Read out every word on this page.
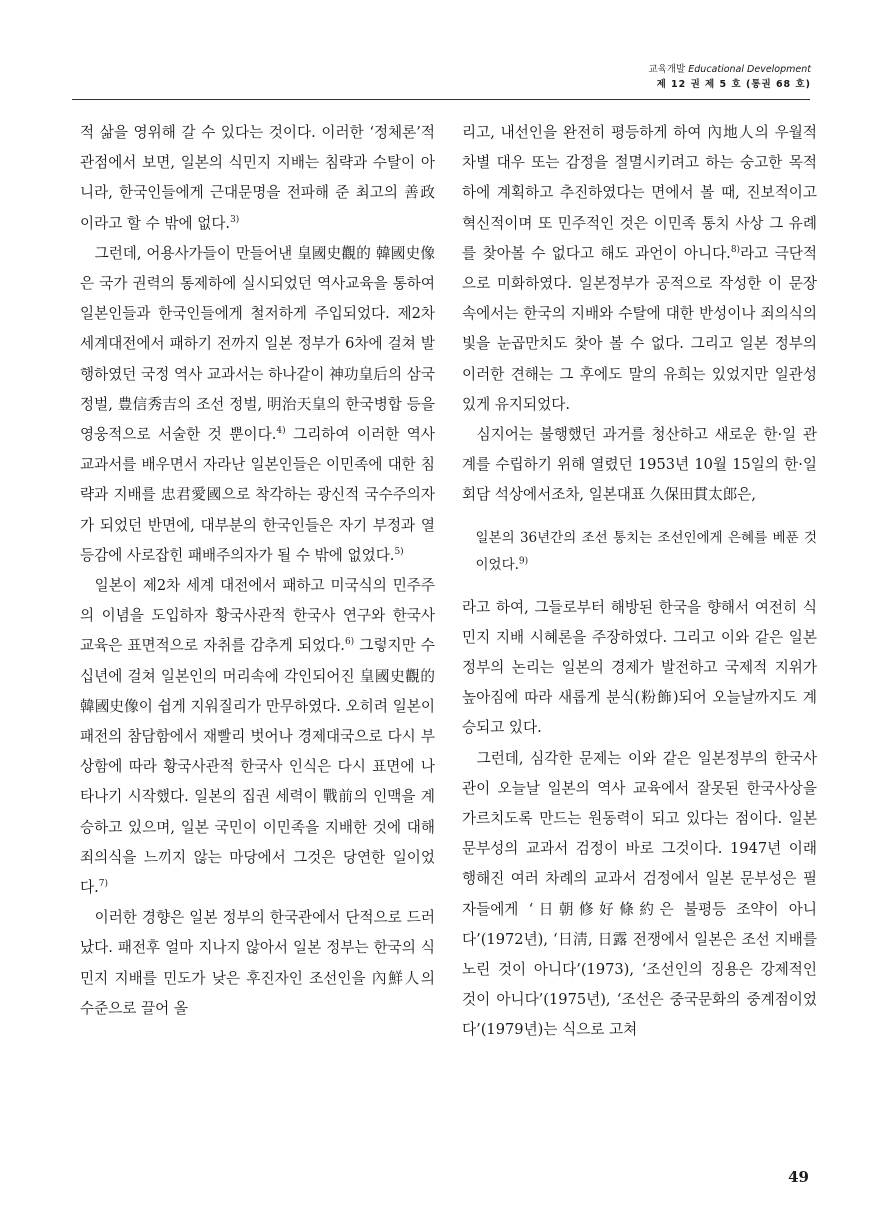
교육개발 Educational Development
제 12 권 제 5 호 (통권 68 호)

적 삶을 영위해 갈 수 있다는 것이다. 이러한 ‘정체론’적 관점에서 보면, 일본의 식민지 지배는 침략과 수탈이 아니라, 한국인들에게 근대문명을 전파해 준 최고의 善政이라고 할 수 밖에 없다.$^{3)}$

그런데, 어용사가들이 만들어낸 皇國史觀的 韓國史像은 국가 권력의 통제하에 실시되었던 역사교육을 통하여 일본인들과 한국인들에게 철저하게 주입되었다. 제2차 세계대전에서 패하기 전까지 일본 정부가 6차에 걸쳐 발행하였던 국정 역사 교과서는 하나같이 神功皇后의 삼국정벌, 豊信秀吉의 조선 정벌, 明治天皇의 한국병합 등을 영웅적으로 서술한 것 뿐이다.$^{4)}$ 그리하여 이러한 역사 교과서를 배우면서 자라난 일본인들은 이민족에 대한 침략과 지배를 忠君愛國으로 착각하는 광신적 국수주의자가 되었던 반면에, 대부분의 한국인들은 자기 부정과 열등감에 사로잡힌 패배주의자가 될 수 밖에 없었다.$^{5)}$

일본이 제2차 세계 대전에서 패하고 미국식의 민주주의 이념을 도입하자 황국사관적 한국사 연구와 한국사 교육은 표면적으로 자취를 감추게 되었다.$^{6)}$ 그렇지만 수십년에 걸쳐 일본인의 머리속에 각인되어진 皇國史觀的 韓國史像이 쉽게 지워질리가 만무하였다. 오히려 일본이 패전의 참담함에서 재빨리 벗어나 경제대국으로 다시 부상함에 따라 황국사관적 한국사 인식은 다시 표면에 나타나기 시작했다. 일본의 집권 세력이 戰前의 인맥을 계승하고 있으며, 일본 국민이 이민족을 지배한 것에 대해 죄의식을 느끼지 않는 마당에서 그것은 당연한 일이었다.$^{7)}$

이러한 경향은 일본 정부의 한국관에서 단적으로 드러났다. 패전후 얼마 지나지 않아서 일본 정부는 한국의 식민지 지배를 민도가 낮은 후진자인 조선인을 內鮮人의 수준으로 끌어 올

리고, 내선인을 완전히 평등하게 하여 內地人의 우월적 차별 대우 또는 감정을 절멸시키려고 하는 숭고한 목적하에 계획하고 추진하였다는 면에서 볼 때, 진보적이고 혁신적이며 또 민주적인 것은 이민족 통치 사상 그 유례를 찾아볼 수 없다고 해도 과언이 아니다.$^{8)}$라고 극단적으로 미화하였다. 일본정부가 공적으로 작성한 이 문장속에서는 한국의 지배와 수탈에 대한 반성이나 죄의식의 빛을 눈곱만치도 찾아 볼 수 없다. 그리고 일본 정부의 이러한 견해는 그 후에도 말의 유희는 있었지만 일관성 있게 유지되었다.

심지어는 불행했던 과거를 청산하고 새로운 한·일 관계를 수립하기 위해 열렸던 1953년 10월 15일의 한·일 회담 석상에서조차, 일본대표 久保田貫太郎은,

일본의 36년간의 조선 통치는 조선인에게 은혜를 베푼 것이었다.$^{9)}$

라고 하여, 그들로부터 해방된 한국을 향해서 여전히 식민지 지배 시혜론을 주장하였다. 그리고 이와 같은 일본 정부의 논리는 일본의 경제가 발전하고 국제적 지위가 높아짐에 따라 새롭게 분식(粉飾)되어 오늘날까지도 계승되고 있다.

그런데, 심각한 문제는 이와 같은 일본정부의 한국사관이 오늘날 일본의 역사 교육에서 잘못된 한국사상을 가르치도록 만드는 원동력이 되고 있다는 점이다. 일본 문부성의 교과서 검정이 바로 그것이다. 1947년 이래 행해진 여러 차례의 교과서 검정에서 일본 문부성은 필자들에게 ‘日朝修好條約은 불평등 조약이 아니다’(1972년), ‘日淸, 日露 전쟁에서 일본은 조선 지배를 노린 것이 아니다’(1973), ‘조선인의 징용은 강제적인 것이 아니다’(1975년), ‘조선은 중국문화의 중계점이었다’(1979년)는 식으로 고쳐

49
